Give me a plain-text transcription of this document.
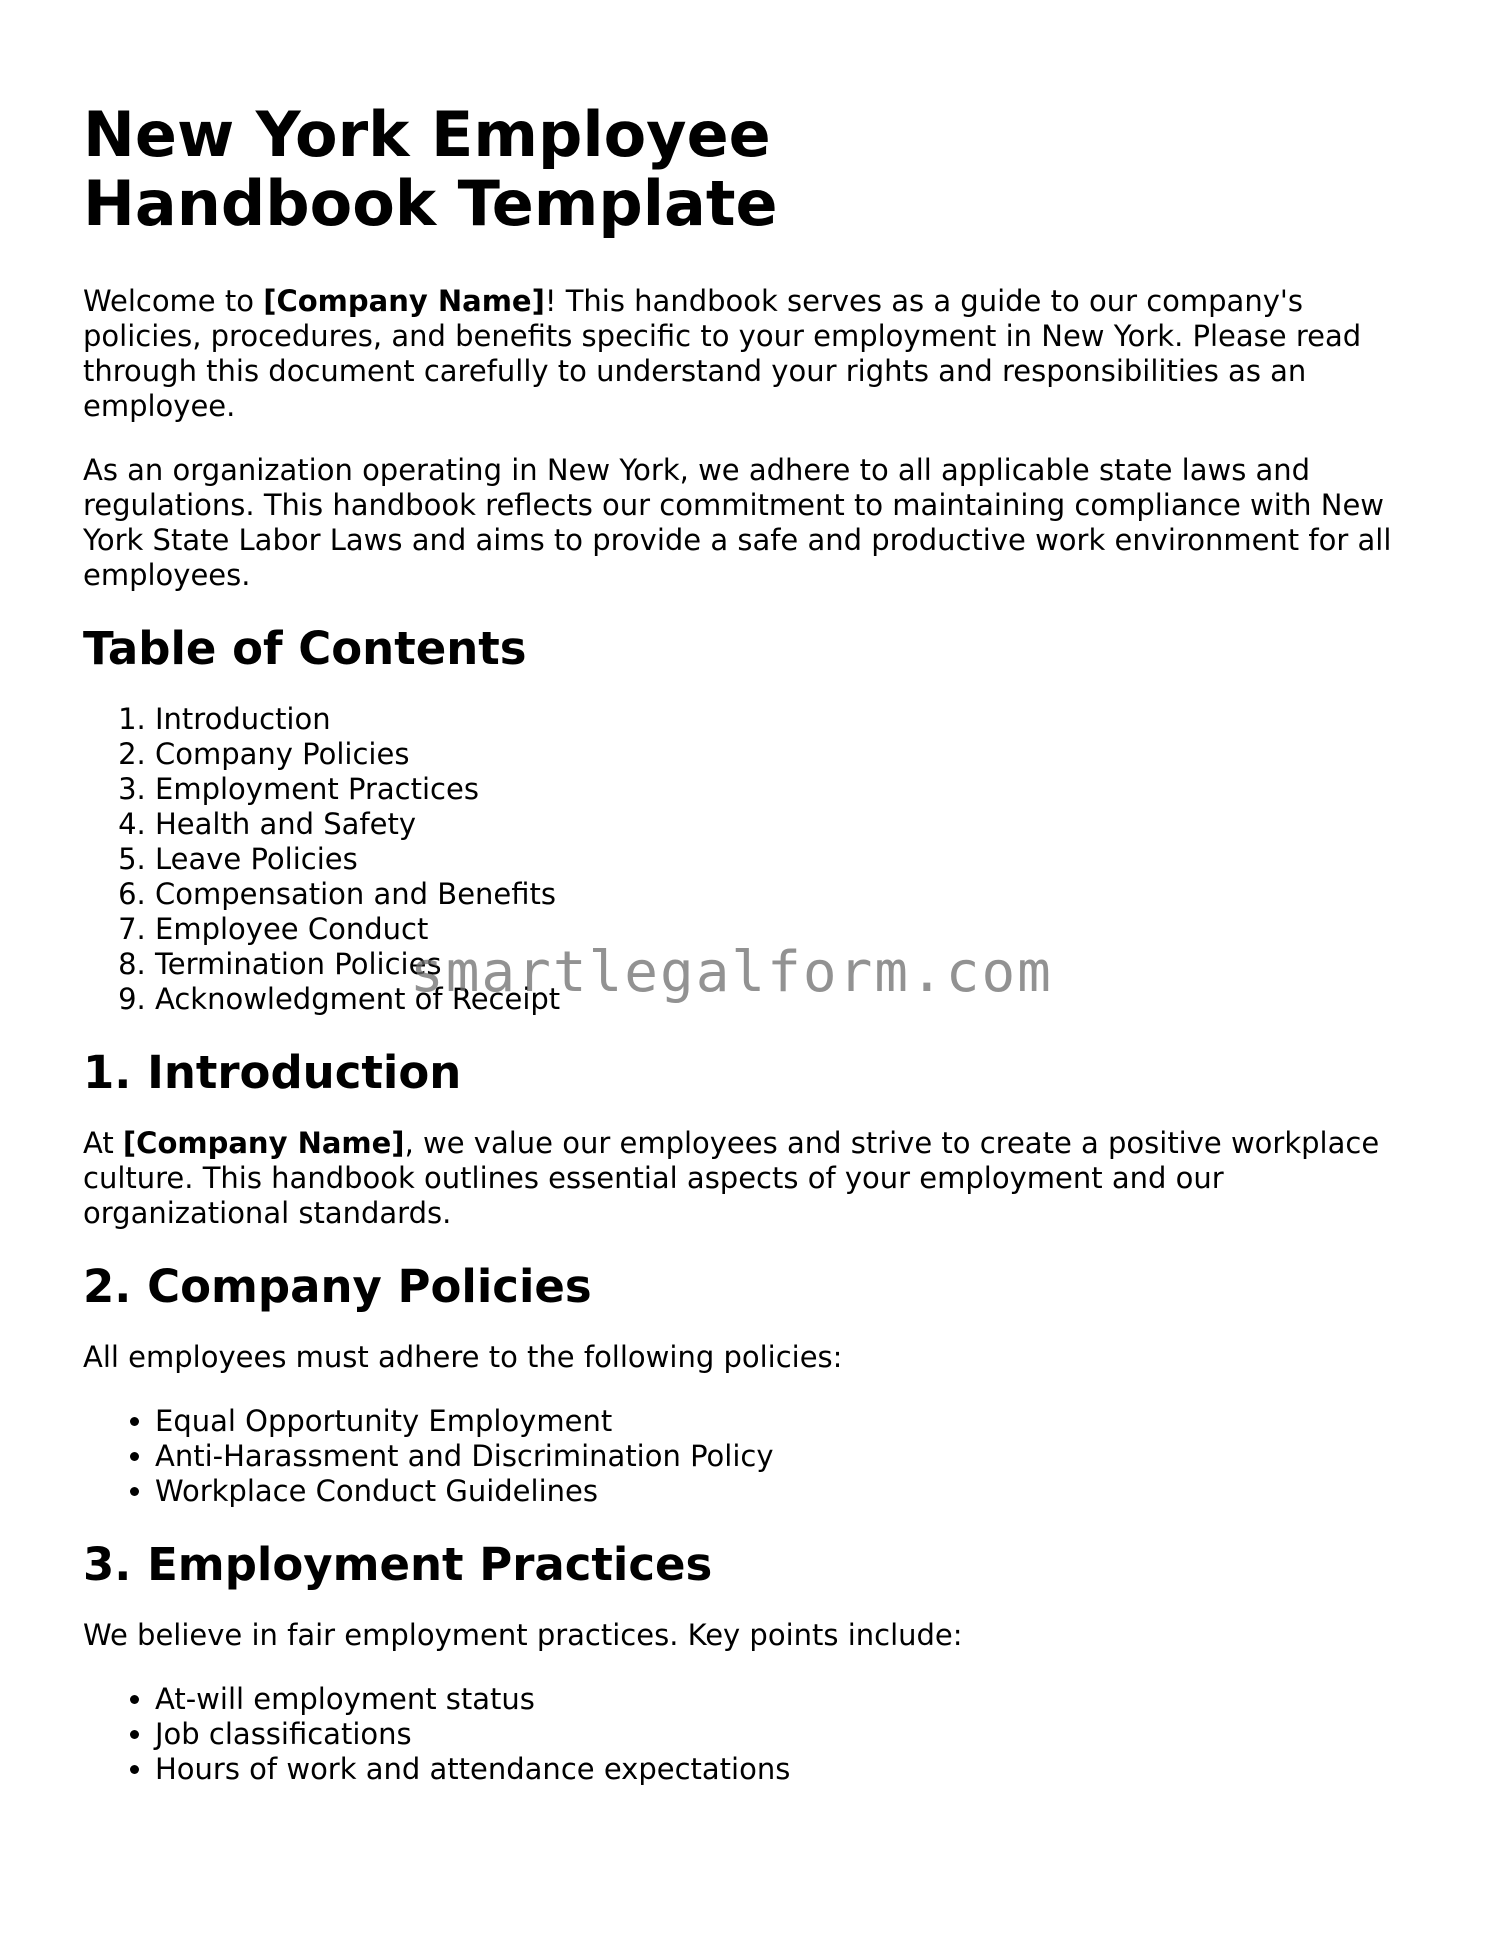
New York Employee Handbook Template

Welcome to [Company Name]! This handbook serves as a guide to our company's policies, procedures, and benefits specific to your employment in New York. Please read through this document carefully to understand your rights and responsibilities as an employee.

As an organization operating in New York, we adhere to all applicable state laws and regulations. This handbook reflects our commitment to maintaining compliance with New York State Labor Laws and aims to provide a safe and productive work environment for all employees.

Table of Contents
1. Introduction
2. Company Policies
3. Employment Practices
4. Health and Safety
5. Leave Policies
6. Compensation and Benefits
7. Employee Conduct
8. Termination Policies
9. Acknowledgment of Receipt
1. Introduction

At [Company Name], we value our employees and strive to create a positive workplace culture. This handbook outlines essential aspects of your employment and our organizational standards.

2. Company Policies

All employees must adhere to the following policies:

• Equal Opportunity Employment
• Anti-Harassment and Discrimination Policy
• Workplace Conduct Guidelines
3. Employment Practices

We believe in fair employment practices. Key points include:

• At-will employment status
• Job classifications
• Hours of work and attendance expectations
smartlegalform.com
